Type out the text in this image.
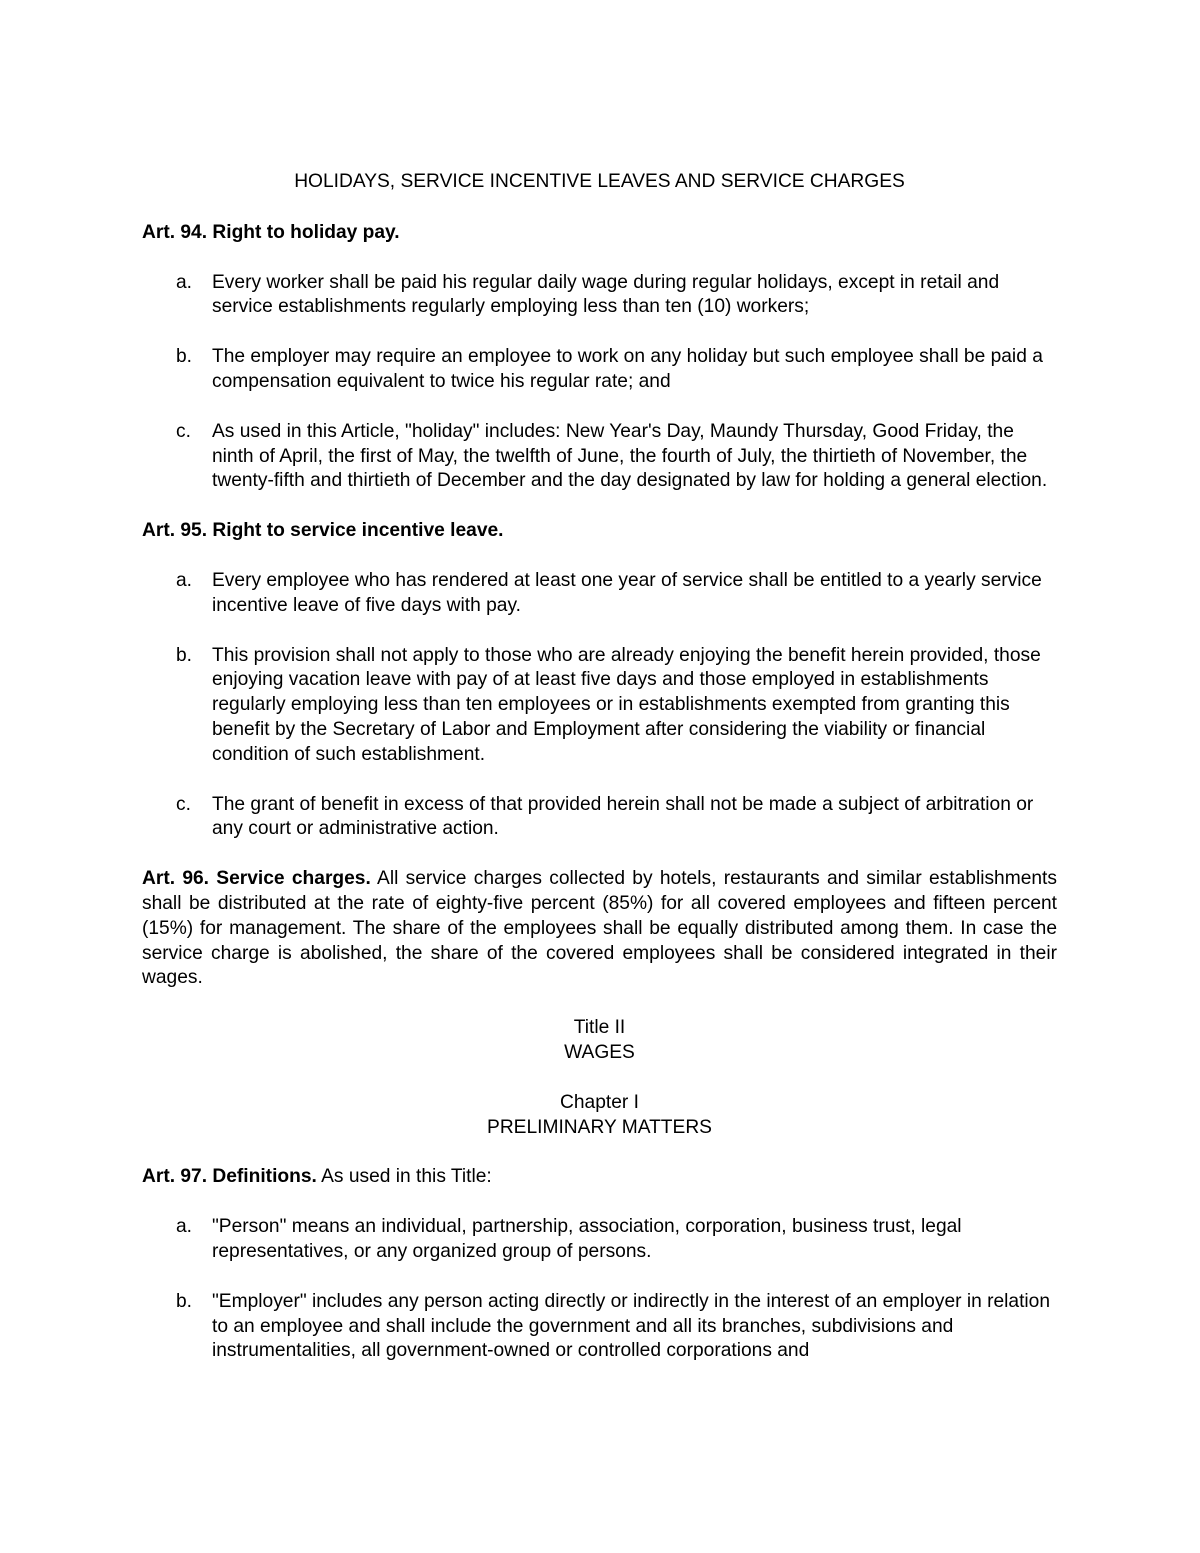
HOLIDAYS, SERVICE INCENTIVE LEAVES AND SERVICE CHARGES
Art. 94. Right to holiday pay.
a. Every worker shall be paid his regular daily wage during regular holidays, except in retail and service establishments regularly employing less than ten (10) workers;
b. The employer may require an employee to work on any holiday but such employee shall be paid a compensation equivalent to twice his regular rate; and
c. As used in this Article, "holiday" includes: New Year's Day, Maundy Thursday, Good Friday, the ninth of April, the first of May, the twelfth of June, the fourth of July, the thirtieth of November, the twenty-fifth and thirtieth of December and the day designated by law for holding a general election.
Art. 95. Right to service incentive leave.
a. Every employee who has rendered at least one year of service shall be entitled to a yearly service incentive leave of five days with pay.
b. This provision shall not apply to those who are already enjoying the benefit herein provided, those enjoying vacation leave with pay of at least five days and those employed in establishments regularly employing less than ten employees or in establishments exempted from granting this benefit by the Secretary of Labor and Employment after considering the viability or financial condition of such establishment.
c. The grant of benefit in excess of that provided herein shall not be made a subject of arbitration or any court or administrative action.
Art. 96. Service charges. All service charges collected by hotels, restaurants and similar establishments shall be distributed at the rate of eighty-five percent (85%) for all covered employees and fifteen percent (15%) for management. The share of the employees shall be equally distributed among them. In case the service charge is abolished, the share of the covered employees shall be considered integrated in their wages.
Title II
WAGES
Chapter I
PRELIMINARY MATTERS
Art. 97. Definitions. As used in this Title:
a. "Person" means an individual, partnership, association, corporation, business trust, legal representatives, or any organized group of persons.
b. "Employer" includes any person acting directly or indirectly in the interest of an employer in relation to an employee and shall include the government and all its branches, subdivisions and instrumentalities, all government-owned or controlled corporations and
